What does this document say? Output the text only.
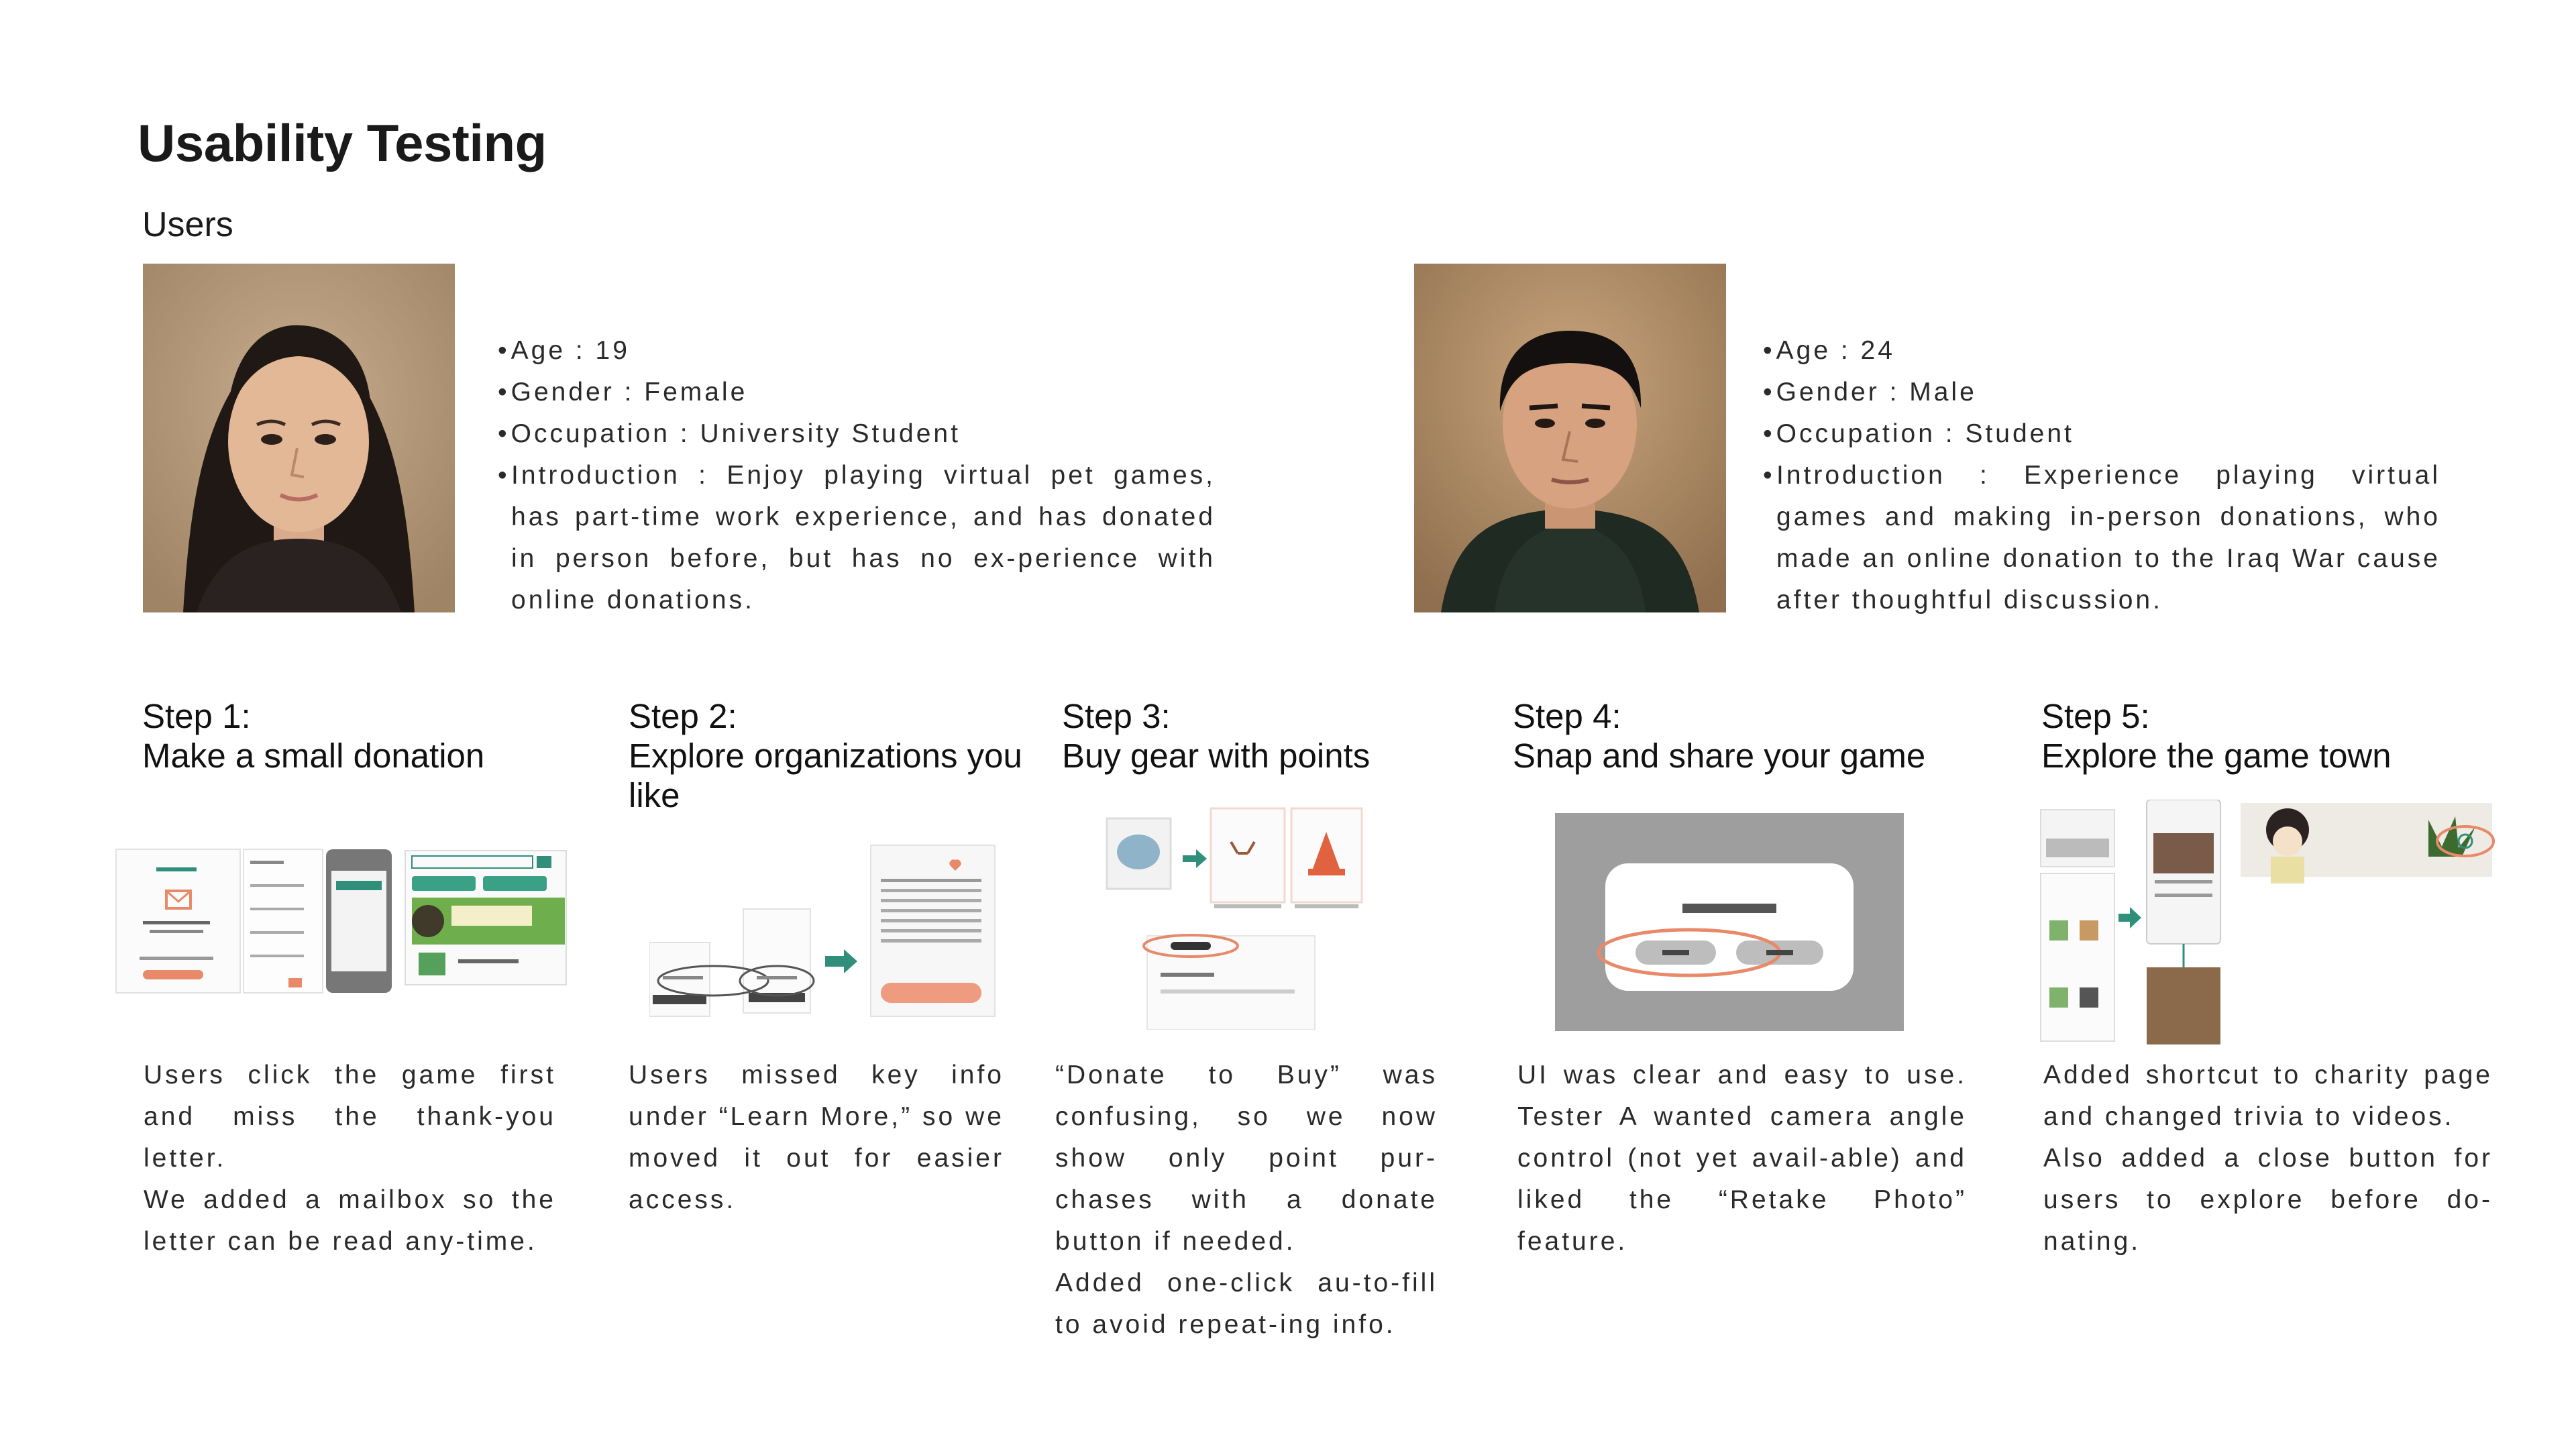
Usability Testing
Users
•Age : 19
•Gender : Female
•Occupation : University Student
• Introduction : Enjoy playing virtual pet games, has part-time work experience, and has donated in person before, but has no ex-perience with online donations.
•Age : 24
•Gender : Male
•Occupation : Student
• Introduction : Experience playing virtual games and making in-person donations, who made an online donation to the Iraq War cause after thoughtful discussion.
Step 1:
Make a small donation
Step 2:
Explore organizations you like
Step 3:
Buy gear with points
Step 4:
Snap and share your game
Step 5:
Explore the game town

Users click the game first and miss the thank-you letter.

We added a mailbox so the letter can be read any-time.

Users missed key info under “Learn More,” so we moved it out for easier access.

“Donate to Buy” was confusing, so we now show only point pur-chases with a donate button if needed.

Added one-click au-to-fill to avoid repeat-ing info.

UI was clear and easy to use. Tester A wanted camera angle control (not yet avail-able) and liked the “Retake Photo” feature.

Added shortcut to charity page and changed trivia to videos.

Also added a close button for users to explore before do-nating.
